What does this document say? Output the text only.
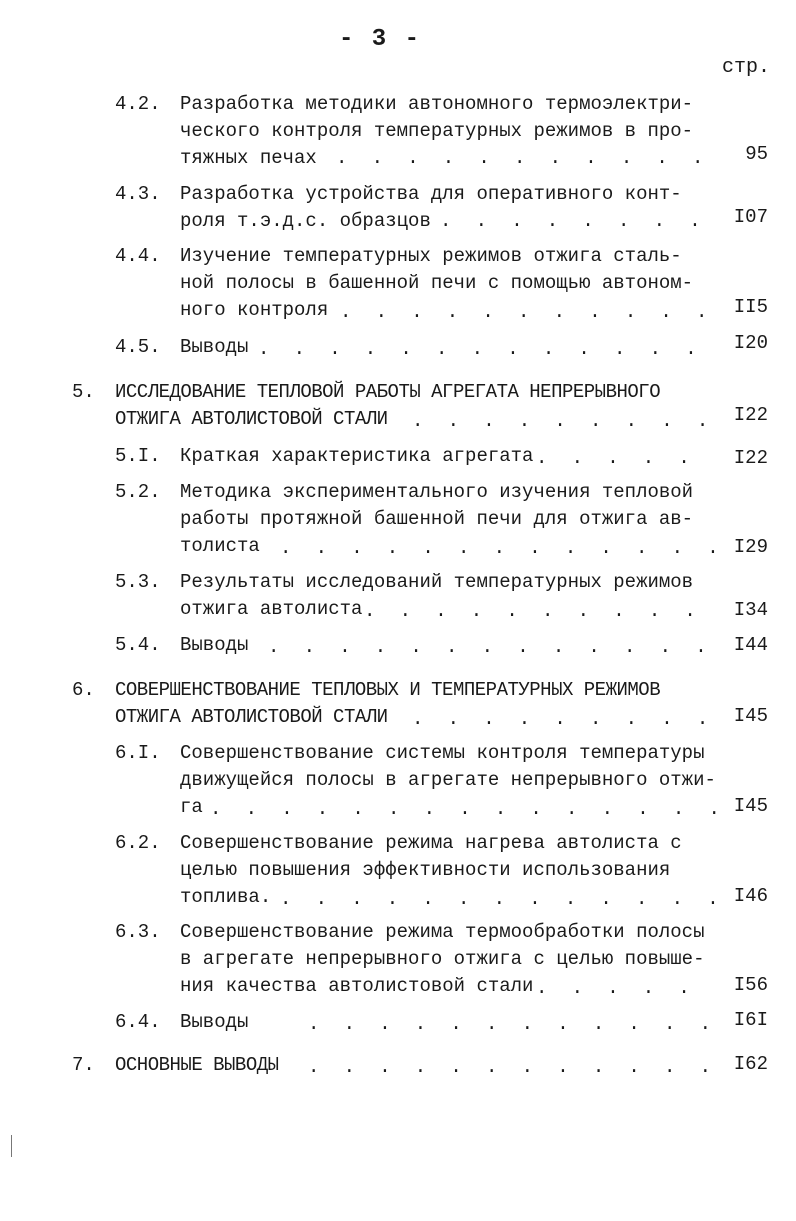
- 3 -
стр.
4.2. Разработка методики автономного термоэлектри-
ческого контроля температурных режимов в про-
тяжных печах . . .	95
4.3. Разработка устройства для оперативного конт-
роля т.э.д.с. образцов . . .	I07
4.4. Изучение температурных режимов отжига сталь-
ной полосы в башенной печи с помощью автоном-
ного контроля . . .	II5
4.5. Выводы . . .	I20
5. ИССЛЕДОВАНИЕ ТЕПЛОВОЙ РАБОТЫ АГРЕГАТА НЕПРЕРЫВНОГО
ОТЖИГА АВТОЛИСТОВОЙ СТАЛИ . . .	I22
5.I. Краткая характеристика агрегата . . .	I22
5.2. Методика экспериментального изучения тепловой
работы протяжной башенной печи для отжига ав-
толиста . . .	I29
5.3. Результаты исследований температурных режимов
отжига автолиста . . .	I34
5.4. Выводы . . .	I44
6. СОВЕРШЕНСТВОВАНИЕ ТЕПЛОВЫХ И ТЕМПЕРАТУРНЫХ РЕЖИМОВ
ОТЖИГА АВТОЛИСТОВОЙ СТАЛИ . . .	I45
6.I. Совершенствование системы контроля температуры
движущейся полосы в агрегате непрерывного отжи-
га . . .	I45
6.2. Совершенствование режима нагрева автолиста с
целью повышения эффективности использования
топлива. . . .	I46
6.3. Совершенствование режима термообработки полосы
в агрегате непрерывного отжига с целью повыше-
ния качества автолистовой стали . . .	I56
6.4. Выводы . . .	I6I
7. ОСНОВНЫЕ ВЫВОДЫ . . .	I62
